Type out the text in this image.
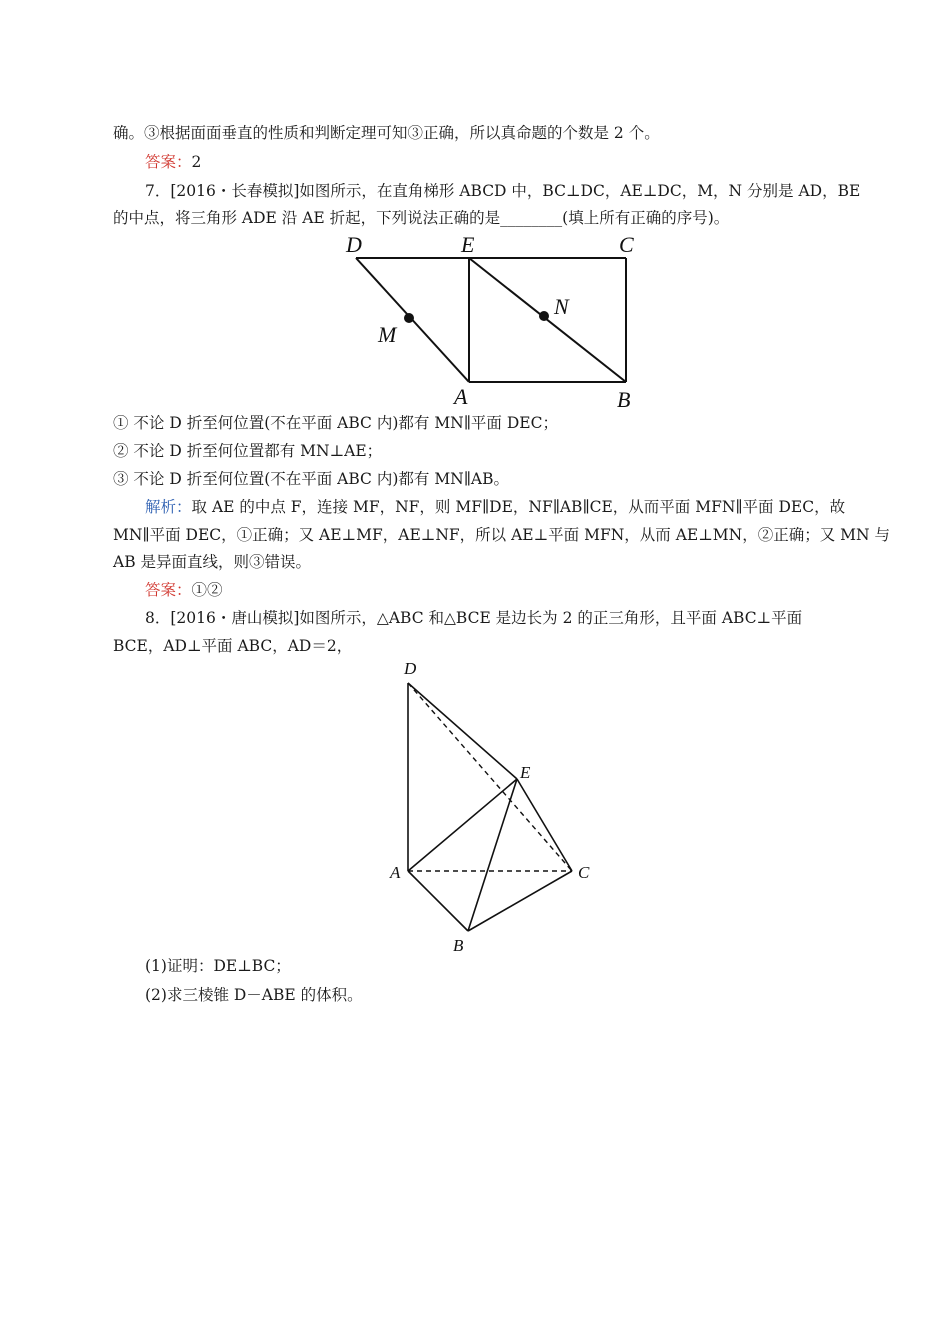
确。③根据面面垂直的性质和判断定理可知③正确，所以真命题的个数是 2 个。
答案：2
7．[2016・长春模拟]如图所示，在直角梯形 ABCD 中，BC⊥DC，AE⊥DC，M，N 分别是 AD，BE
的中点，将三角形 ADE 沿 AE 折起，下列说法正确的是________(填上所有正确的序号)。
D	E	C
M
N
A	B
① 不论 D 折至何位置(不在平面 ABC 内)都有 MN∥平面 DEC；
② 不论 D 折至何位置都有 MN⊥AE；
③ 不论 D 折至何位置(不在平面 ABC 内)都有 MN∥AB。
解析：取 AE 的中点 F，连接 MF，NF，则 MF∥DE，NF∥AB∥CE，从而平面 MFN∥平面 DEC，故
MN∥平面 DEC，①正确；又 AE⊥MF，AE⊥NF，所以 AE⊥平面 MFN，从而 AE⊥MN，②正确；又 MN 与
AB 是异面直线，则③错误。
答案：①②
8．[2016・唐山模拟]如图所示，△ABC 和△BCE 是边长为 2 的正三角形，且平面 ABC⊥平面
BCE，AD⊥平面 ABC，AD＝2，
D
E
A	C
B
(1)证明：DE⊥BC；
(2)求三棱锥 D－ABE 的体积。
